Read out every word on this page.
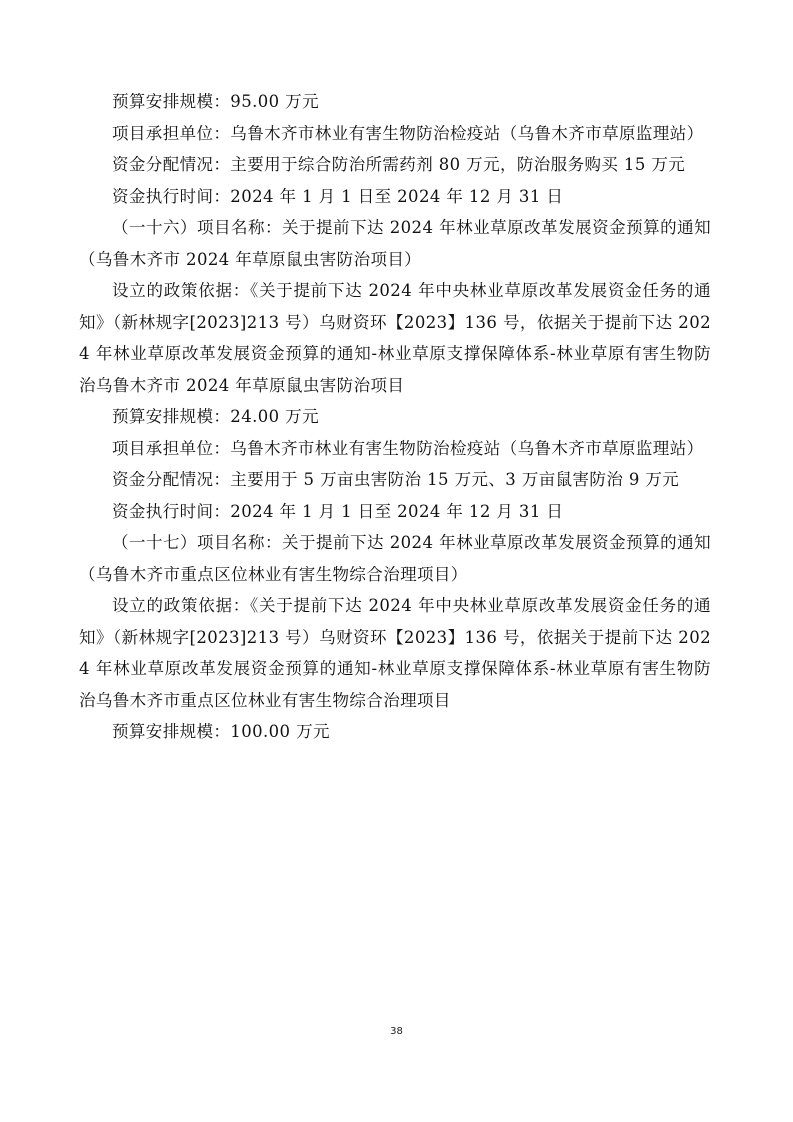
预算安排规模：95.00 万元

项目承担单位：乌鲁木齐市林业有害生物防治检疫站（乌鲁木齐市草原监理站）

资金分配情况：主要用于综合防治所需药剂 80 万元，防治服务购买 15 万元

资金执行时间：2024 年 1 月 1 日至 2024 年 12 月 31 日

（一十六）项目名称：关于提前下达 2024 年林业草原改革发展资金预算的通知（乌鲁木齐市 2024 年草原鼠虫害防治项目）

设立的政策依据：《关于提前下达 2024 年中央林业草原改革发展资金任务的通知》（新林规字[2023]213 号）乌财资环【2023】136 号，依据关于提前下达 2024 年林业草原改革发展资金预算的通知-林业草原支撑保障体系-林业草原有害生物防治乌鲁木齐市 2024 年草原鼠虫害防治项目

预算安排规模：24.00 万元

项目承担单位：乌鲁木齐市林业有害生物防治检疫站（乌鲁木齐市草原监理站）

资金分配情况：主要用于 5 万亩虫害防治 15 万元、3 万亩鼠害防治 9 万元

资金执行时间：2024 年 1 月 1 日至 2024 年 12 月 31 日

（一十七）项目名称：关于提前下达 2024 年林业草原改革发展资金预算的通知（乌鲁木齐市重点区位林业有害生物综合治理项目）

设立的政策依据：《关于提前下达 2024 年中央林业草原改革发展资金任务的通知》（新林规字[2023]213 号）乌财资环【2023】136 号，依据关于提前下达 2024 年林业草原改革发展资金预算的通知-林业草原支撑保障体系-林业草原有害生物防治乌鲁木齐市重点区位林业有害生物综合治理项目

预算安排规模：100.00 万元

38
